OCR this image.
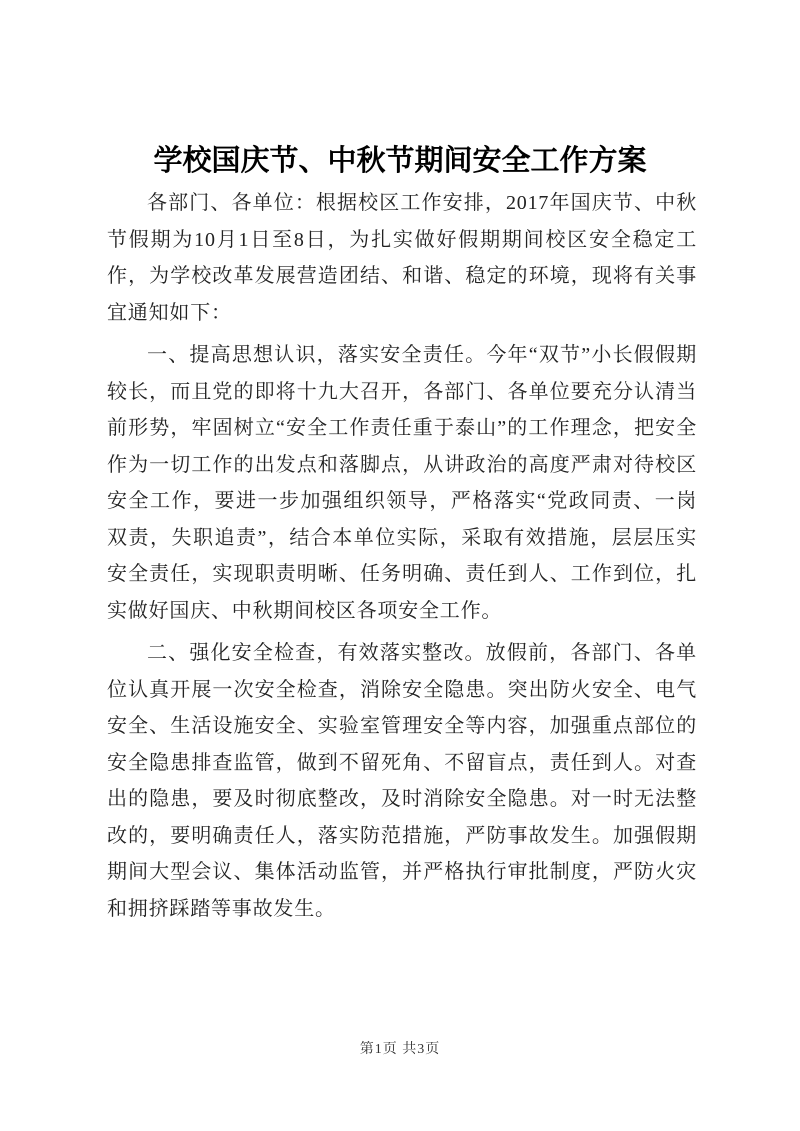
学校国庆节、中秋节期间安全工作方案

各部门、各单位：根据校区工作安排，2017年国庆节、中秋节假期为10月1日至8日，为扎实做好假期期间校区安全稳定工作，为学校改革发展营造团结、和谐、稳定的环境，现将有关事宜通知如下：

一、提高思想认识，落实安全责任。今年“双节”小长假假期较长，而且党的即将十九大召开，各部门、各单位要充分认清当前形势，牢固树立“安全工作责任重于泰山”的工作理念，把安全作为一切工作的出发点和落脚点，从讲政治的高度严肃对待校区安全工作，要进一步加强组织领导，严格落实“党政同责、一岗双责，失职追责”，结合本单位实际，采取有效措施，层层压实安全责任，实现职责明晰、任务明确、责任到人、工作到位，扎实做好国庆、中秋期间校区各项安全工作。

二、强化安全检查，有效落实整改。放假前，各部门、各单位认真开展一次安全检查，消除安全隐患。突出防火安全、电气安全、生活设施安全、实验室管理安全等内容，加强重点部位的安全隐患排查监管，做到不留死角、不留盲点，责任到人。对查出的隐患，要及时彻底整改，及时消除安全隐患。对一时无法整改的，要明确责任人，落实防范措施，严防事故发生。加强假期期间大型会议、集体活动监管，并严格执行审批制度，严防火灾和拥挤踩踏等事故发生。

第1页 共3页
